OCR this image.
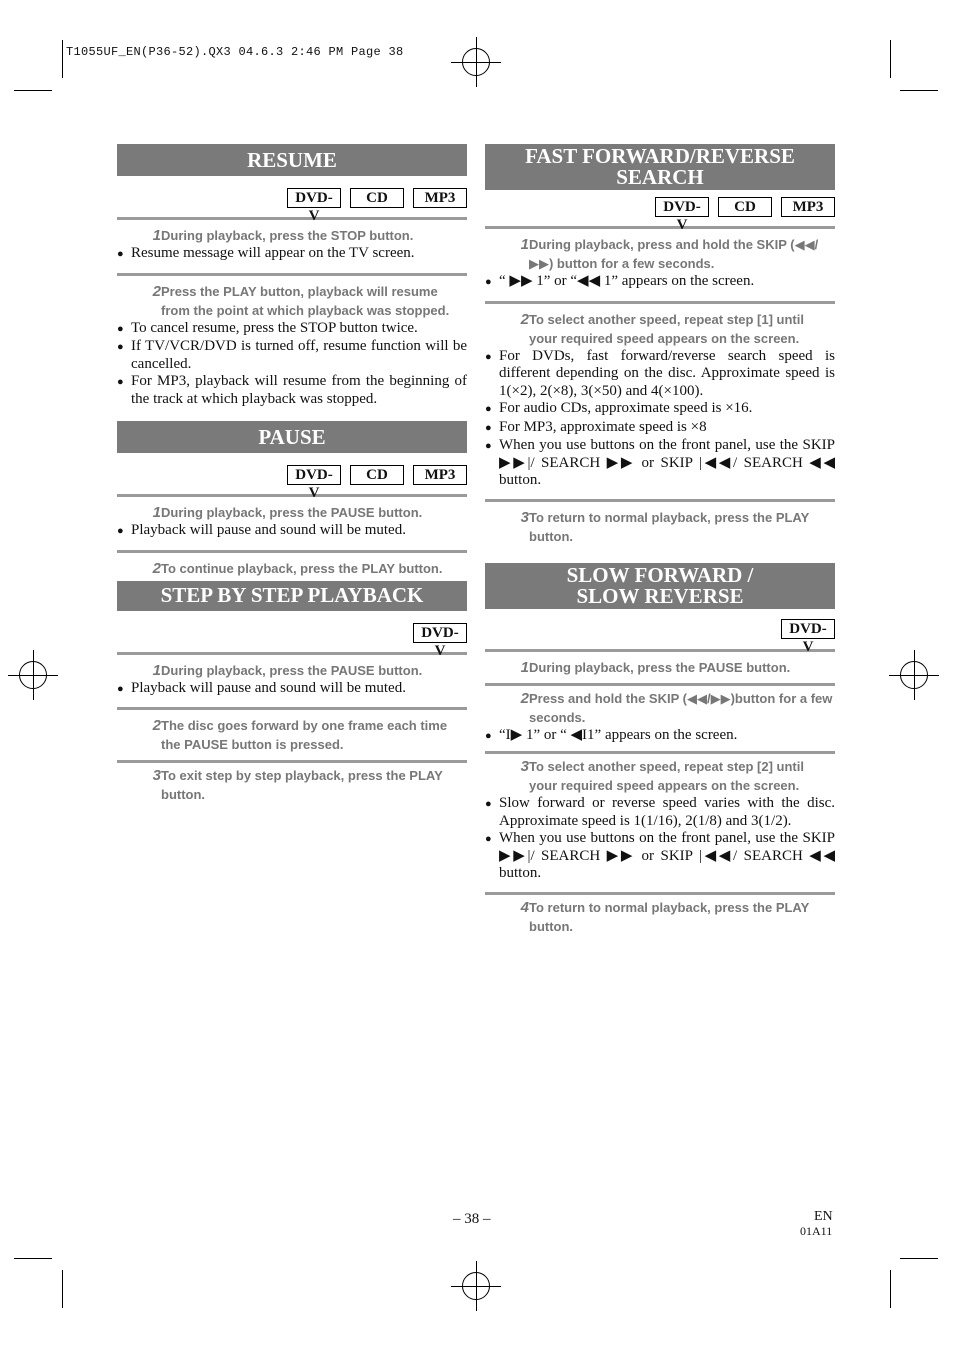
T1055UF_EN(P36-52).QX3 04.6.3 2:46 PM Page 38
RESUME
DVD-V
CD	MP3
1 During playback, press the STOP button.
● Resume message will appear on the TV screen.
2 Press the PLAY button, playback will resume from the point at which playback was stopped.
● To cancel resume, press the STOP button twice.
● If TV/VCR/DVD is turned off, resume function will be cancelled.
● For MP3, playback will resume from the beginning of the track at which playback was stopped.
PAUSE
DVD-V
CD	MP3
1 During playback, press the PAUSE button.
● Playback will pause and sound will be muted.
2 To continue playback, press the PLAY button.
STEP BY STEP PLAYBACK
DVD-V
1 During playback, press the PAUSE button.
● Playback will pause and sound will be muted.
2 The disc goes forward by one frame each time the PAUSE button is pressed.
3 To exit step by step playback, press the PLAY button.
FAST FORWARD/REVERSE
SEARCH
DVD-V
CD	MP3
1 During playback, press and hold the SKIP (◀◀/▶▶) button for a few seconds.
● “ ▶▶ 1” or “◀◀ 1” appears on the screen.
2 To select another speed, repeat step [1] until your required speed appears on the screen.
● For DVDs, fast forward/reverse search speed is different depending on the disc. Approximate speed is 1(×2), 2(×8), 3(×50) and 4(×100).
● For audio CDs, approximate speed is ×16.
● For MP3, approximate speed is ×8
● When you use buttons on the front panel, use the SKIP ▶▶|/ SEARCH ▶▶ or SKIP |◀◀/ SEARCH ◀◀ button.
3 To return to normal playback, press the PLAY button.
SLOW FORWARD /
SLOW REVERSE
DVD-V
1 During playback, press the PAUSE button.
2 Press and hold the SKIP (◀◀/▶▶)button for a few seconds.
● “I▶ 1” or “ ◀I1” appears on the screen.
3 To select another speed, repeat step [2] until your required speed appears on the screen.
● Slow forward or reverse speed varies with the disc. Approximate speed is 1(1/16), 2(1/8) and 3(1/2).
● When you use buttons on the front panel, use the SKIP ▶▶|/ SEARCH ▶▶ or SKIP |◀◀/ SEARCH ◀◀ button.
4 To return to normal playback, press the PLAY button.
– 38 –	EN
01A11
